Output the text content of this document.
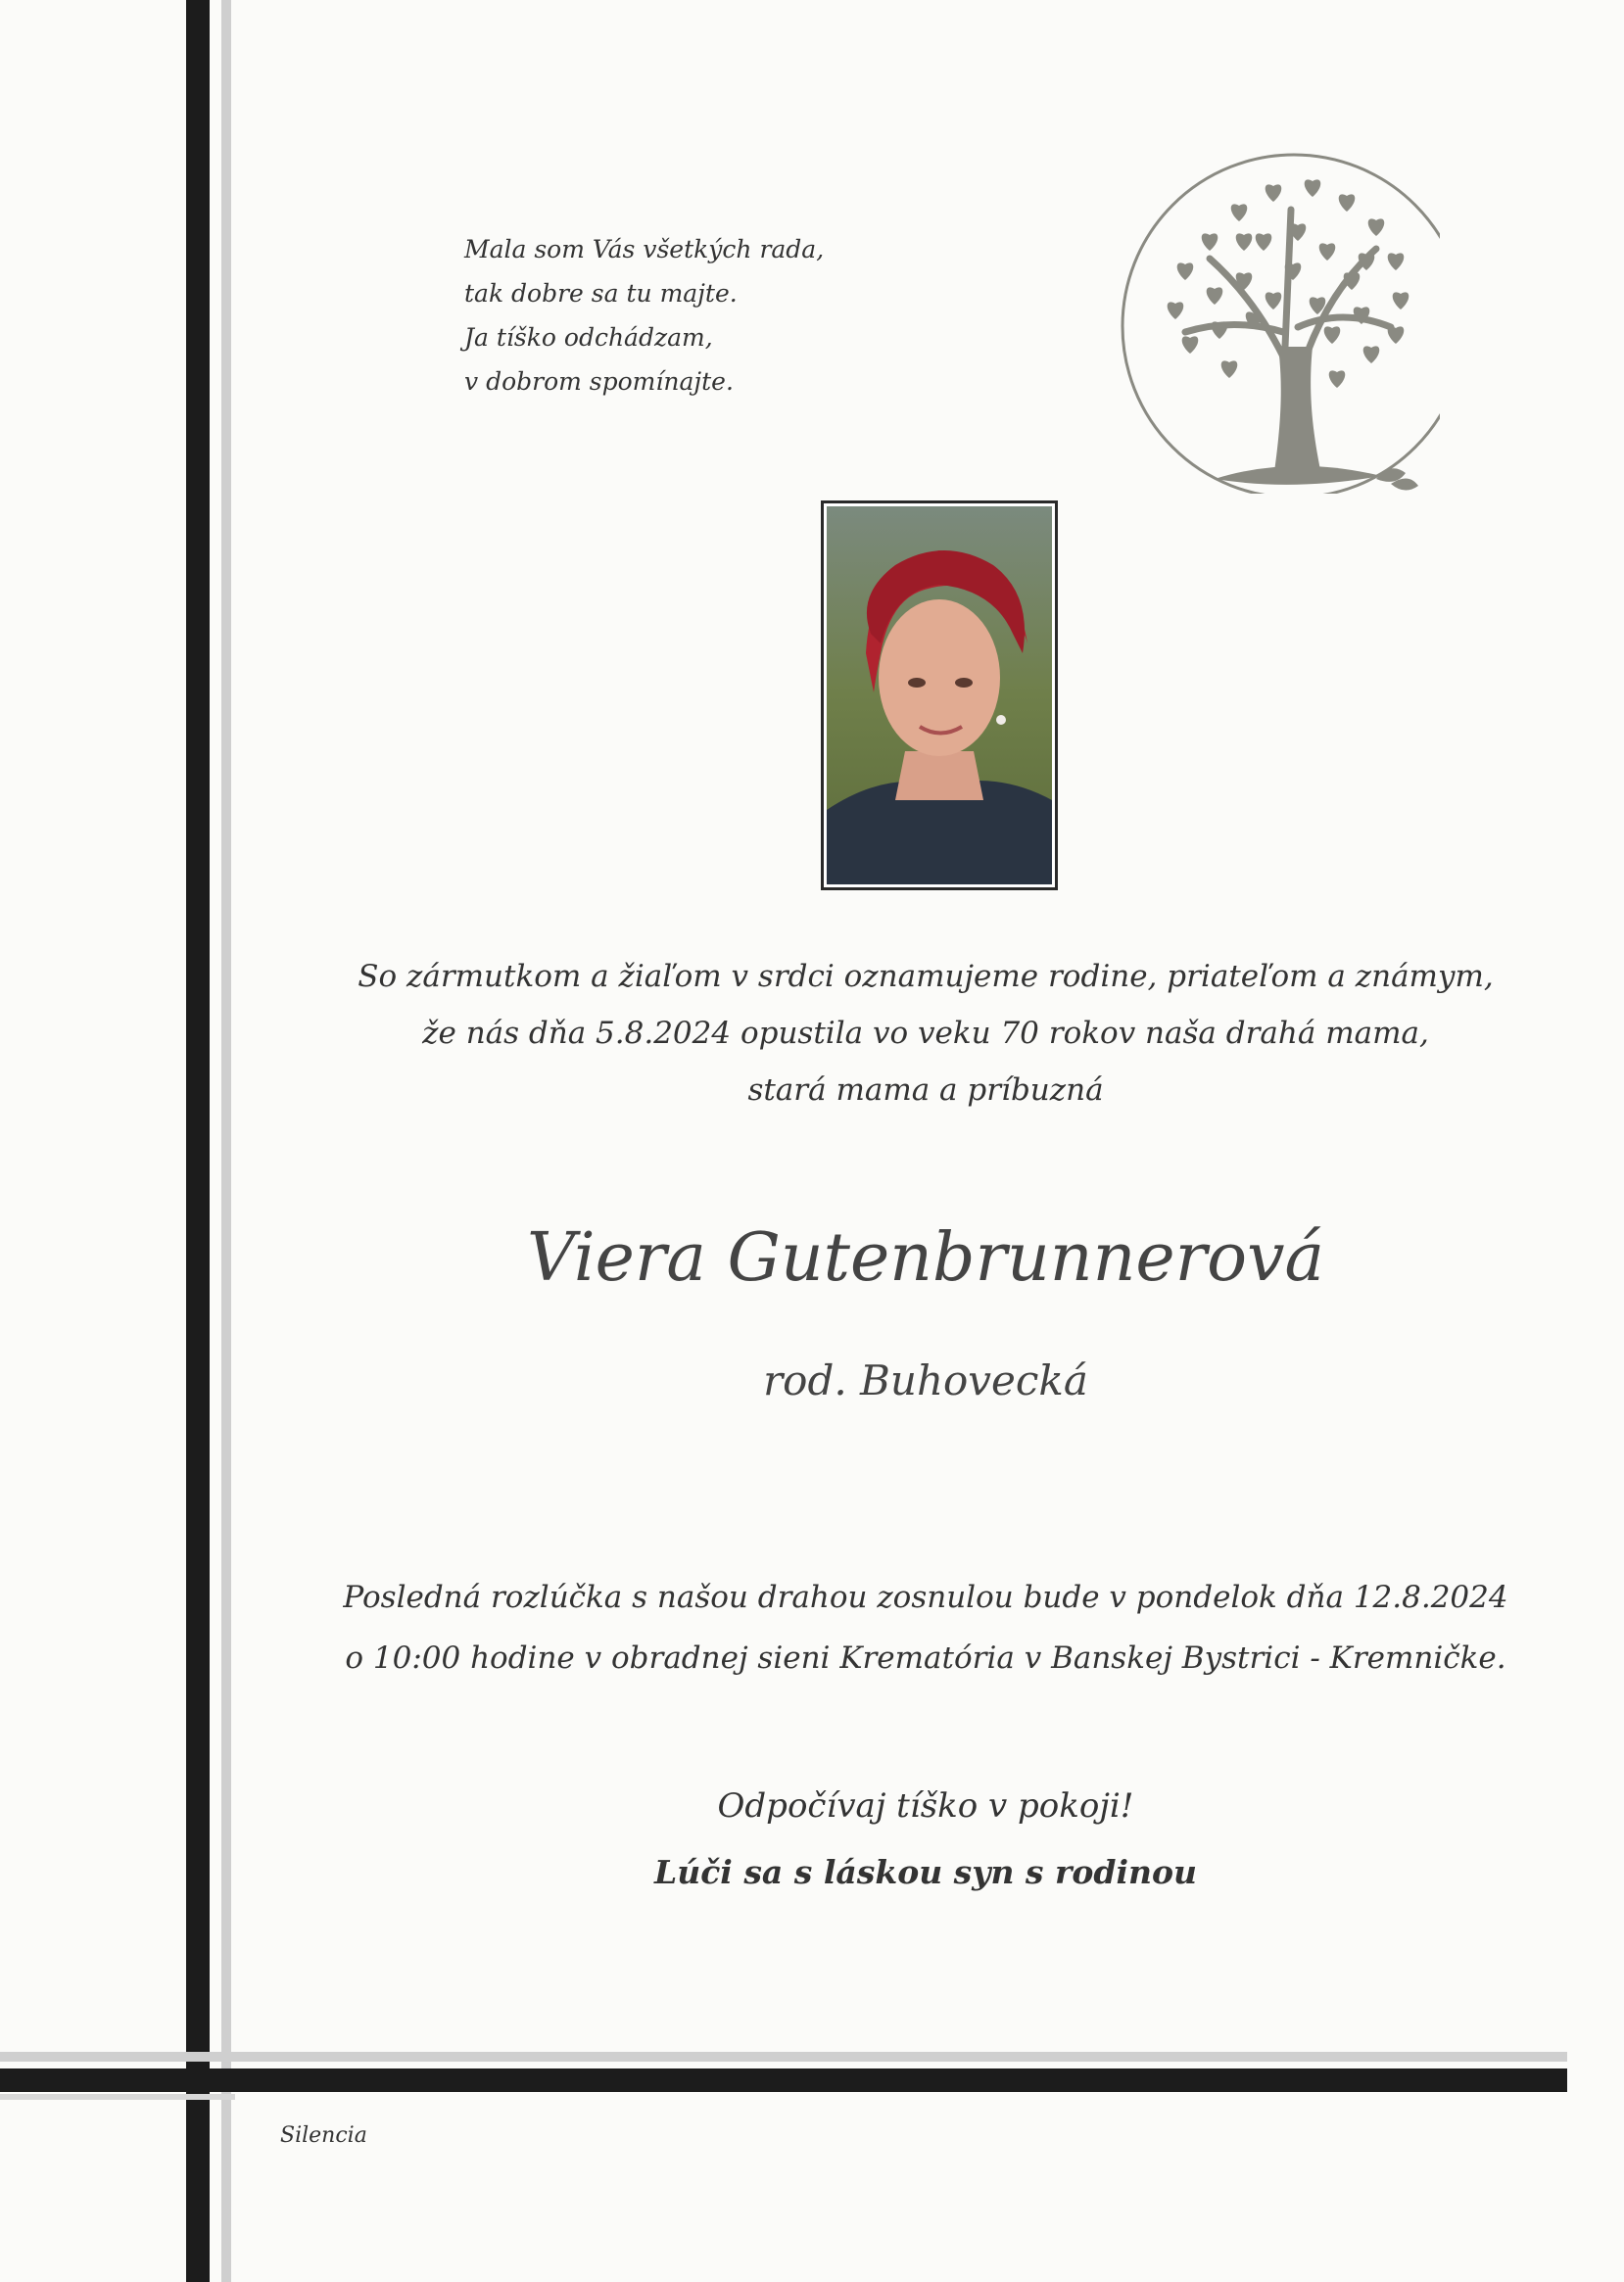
Mala som Vás všetkých rada,
tak dobre sa tu majte.
Ja tíško odchádzam,
v dobrom spomínajte.
So zármutkom a žiaľom v srdci oznamujeme rodine, priateľom a známym,
že nás dňa 5.8.2024 opustila vo veku 70 rokov naša drahá mama,
stará mama a príbuzná
Viera Gutenbrunnerová
rod. Buhovecká
Posledná rozlúčka s našou drahou zosnulou bude v pondelok dňa 12.8.2024
o 10:00 hodine v obradnej sieni Krematória v Banskej Bystrici - Kremničke.
Odpočívaj tíško v pokoji!
Lúči sa s láskou syn s rodinou
Silencia
